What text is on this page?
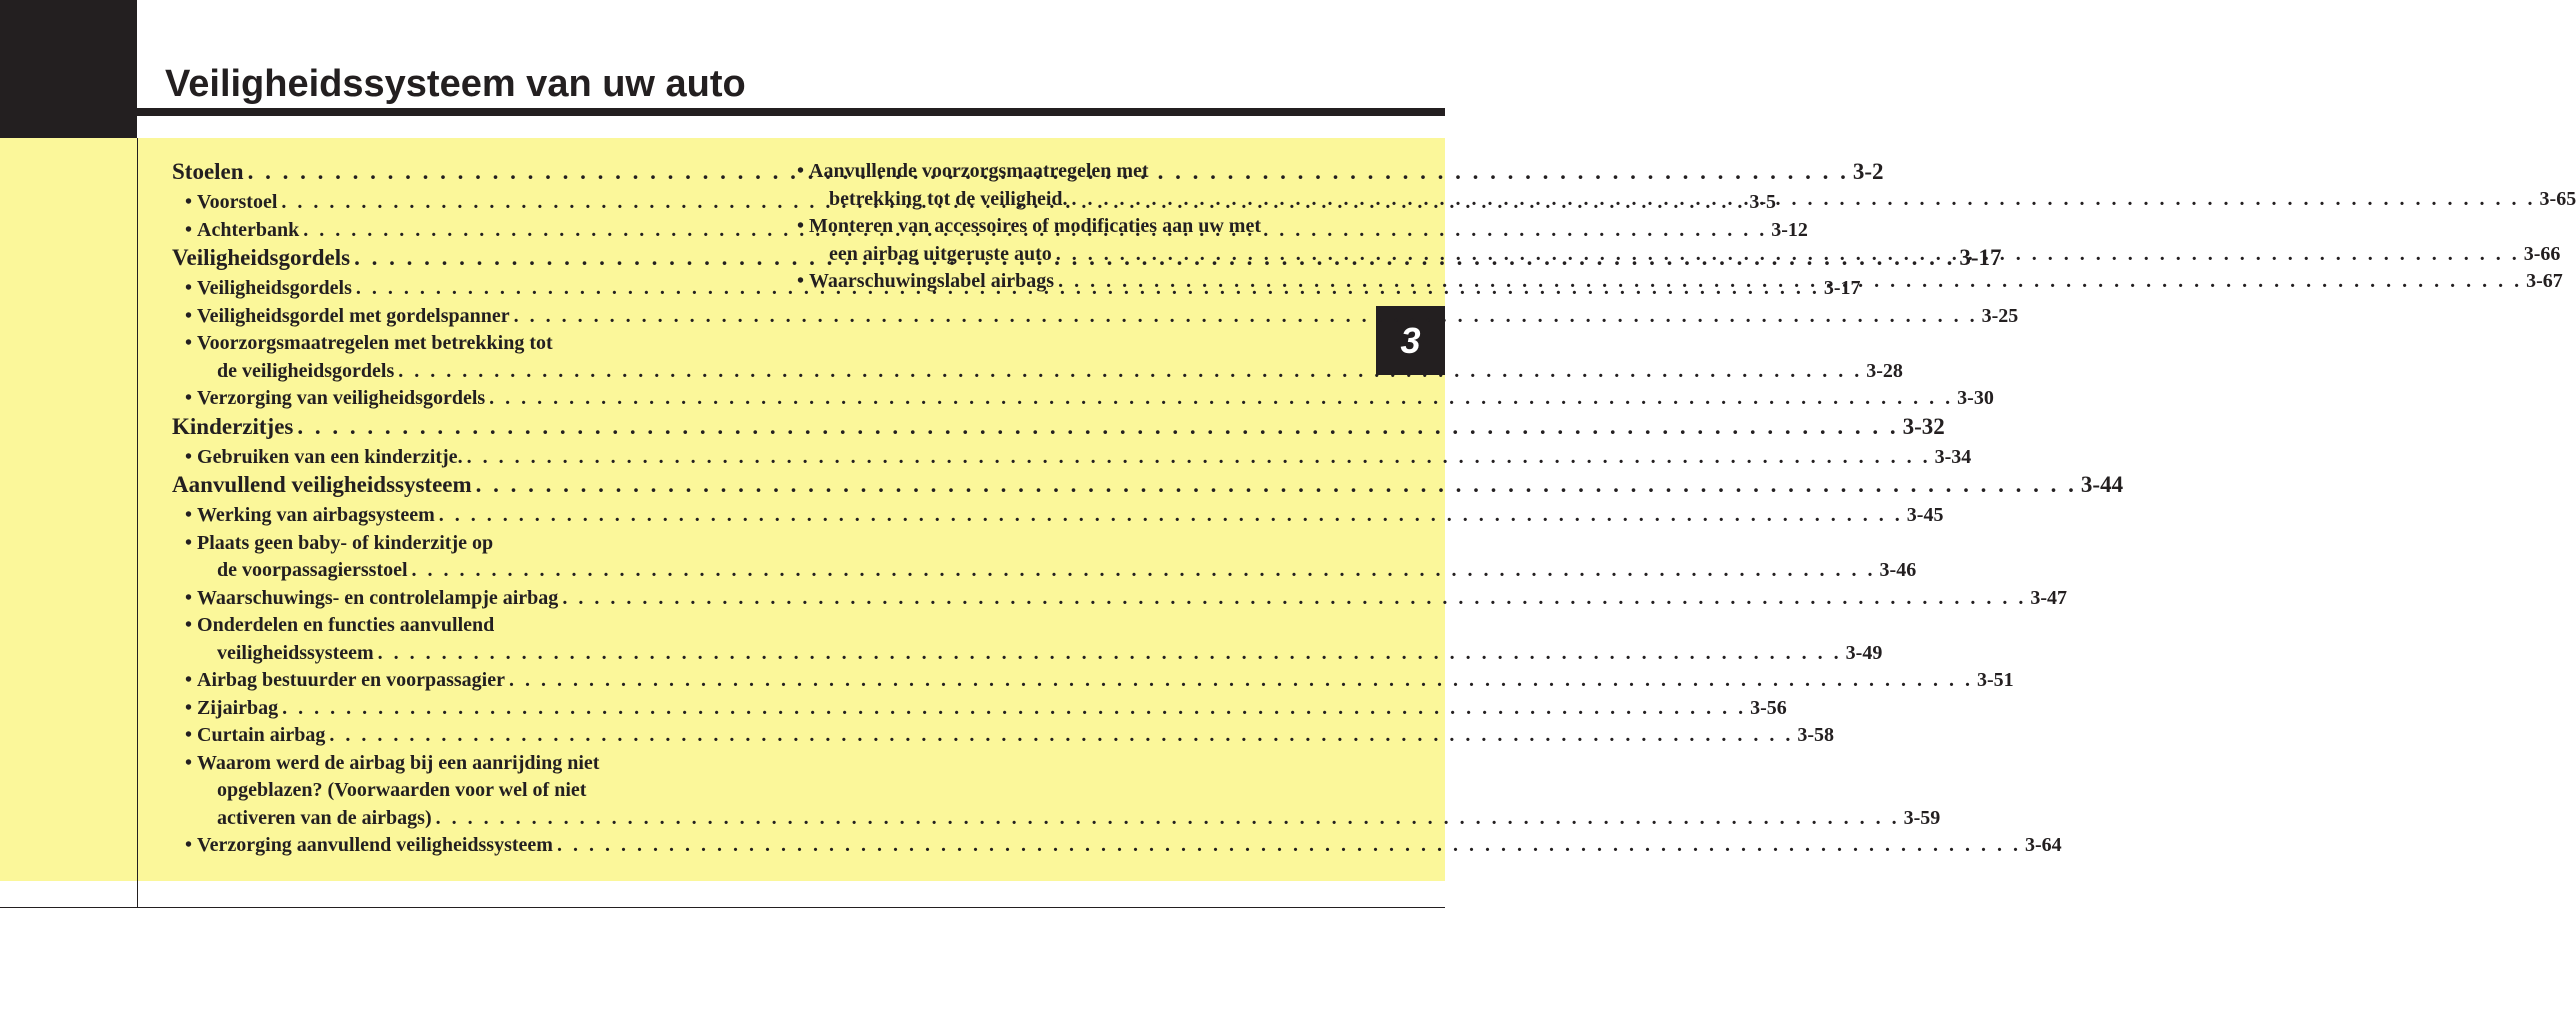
Veiligheidssysteem van uw auto
3
Stoelen . . .	3-2
• Voorstoel . . .	3-5
• Achterbank . . .	3-12
Veiligheidsgordels . . .	3-17
• Veiligheidsgordels . . .	3-17
• Veiligheidsgordel met gordelspanner . . .	3-25
• Voorzorgsmaatregelen met betrekking tot
de veiligheidsgordels . . .	3-28
• Verzorging van veiligheidsgordels . . .	3-30
Kinderzitjes . . .	3-32
• Gebruiken van een kinderzitje. . . .	3-34
Aanvullend veiligheidssysteem . . .	3-44
• Werking van airbagsysteem . . .	3-45
• Plaats geen baby- of kinderzitje op
de voorpassagiersstoel . . .	3-46
• Waarschuwings- en controlelampje airbag . . .	3-47
• Onderdelen en functies aanvullend
veiligheidssysteem . . .	3-49
• Airbag bestuurder en voorpassagier . . .	3-51
• Zijairbag . . .	3-56
• Curtain airbag . . .	3-58
• Waarom werd de airbag bij een aanrijding niet
opgeblazen? (Voorwaarden voor wel of niet
activeren van de airbags) . . .	3-59
• Verzorging aanvullend veiligheidssysteem . . .	3-64
• Aanvullende voorzorgsmaatregelen met
betrekking tot de veiligheid. . . .	3-65
• Monteren van accessoires of modificaties aan uw met
een airbag uitgeruste auto . . .	3-66
• Waarschuwingslabel airbags . . .	3-67
